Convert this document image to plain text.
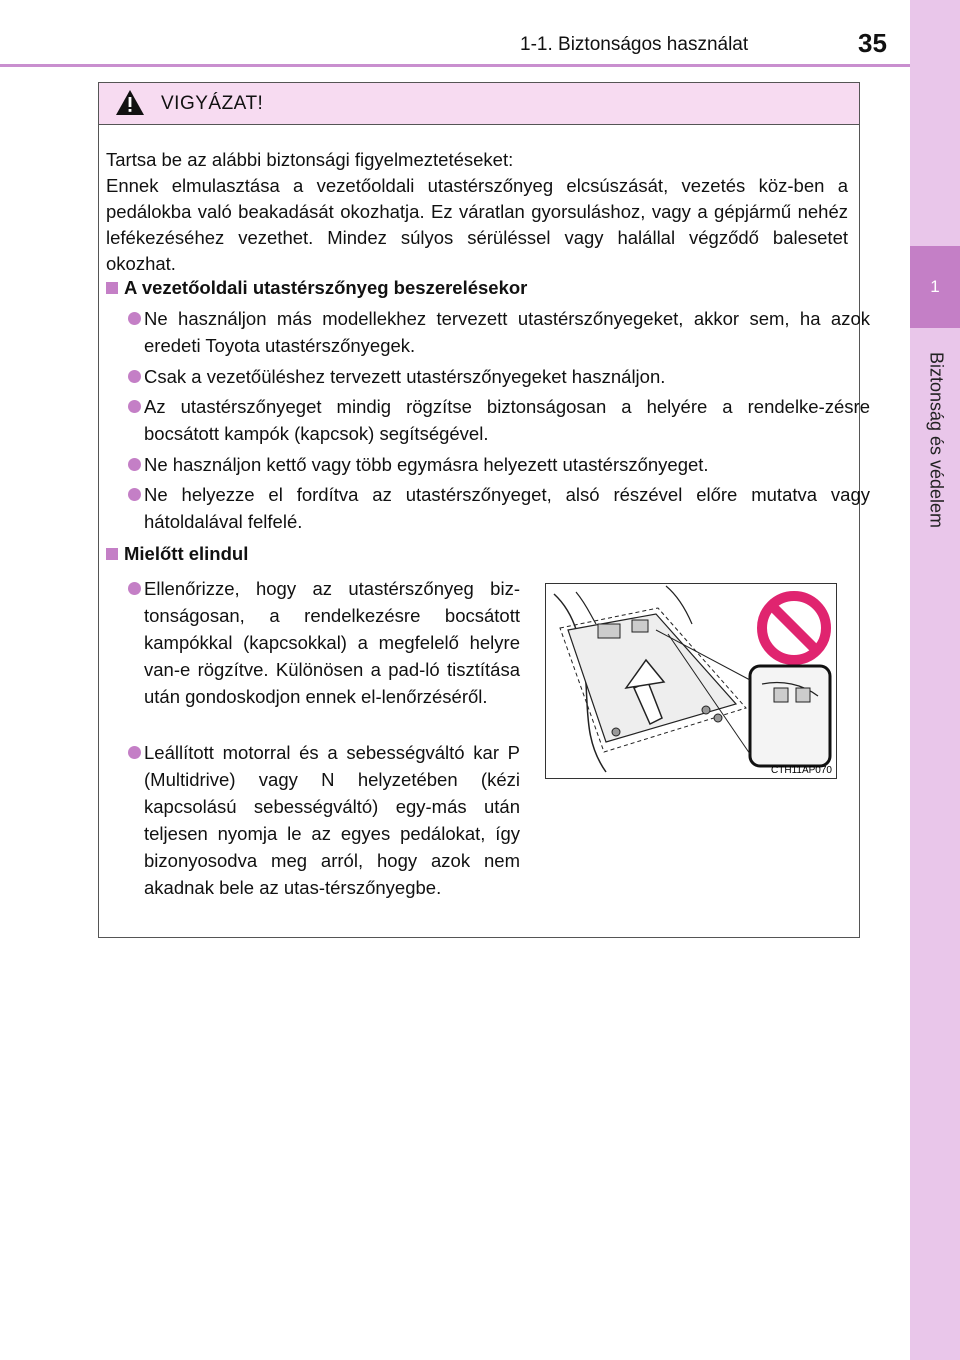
1-1. Biztonságos használat	35
1
Biztonság és védelem
VIGYÁZAT!
Tartsa be az alábbi biztonsági figyelmeztetéseket:
Ennek elmulasztása a vezetőoldali utastérszőnyeg elcsúszását, vezetés köz-ben a pedálokba való beakadását okozhatja. Ez váratlan gyorsuláshoz, vagy a gépjármű nehéz lefékezéséhez vezethet. Mindez súlyos sérüléssel vagy halállal végződő balesetet okozhat.
A vezetőoldali utastérszőnyeg beszerelésekor
Ne használjon más modellekhez tervezett utastérszőnyegeket, akkor sem, ha azok eredeti Toyota utastérszőnyegek.
Csak a vezetőüléshez tervezett utastérszőnyegeket használjon.
Az utastérszőnyeget mindig rögzítse biztonságosan a helyére a rendelke-zésre bocsátott kampók (kapcsok) segítségével.
Ne használjon kettő vagy több egymásra helyezett utastérszőnyeget.
Ne helyezze el fordítva az utastérszőnyeget, alsó részével előre mutatva vagy hátoldalával felfelé.
Mielőtt elindul
Ellenőrizze, hogy az utastérszőnyeg biz-tonságosan, a rendelkezésre bocsátott kampókkal (kapcsokkal) a megfelelő helyre van-e rögzítve. Különösen a pad-ló tisztítása után gondoskodjon ennek el-lenőrzéséről.
Leállított motorral és a sebességváltó kar P (Multidrive) vagy N helyzetében (kézi kapcsolású sebességváltó) egy-más után teljesen nyomja le az egyes pedálokat, így bizonyosodva meg arról, hogy azok nem akadnak bele az utas-térszőnyegbe.
CTH11AP070
